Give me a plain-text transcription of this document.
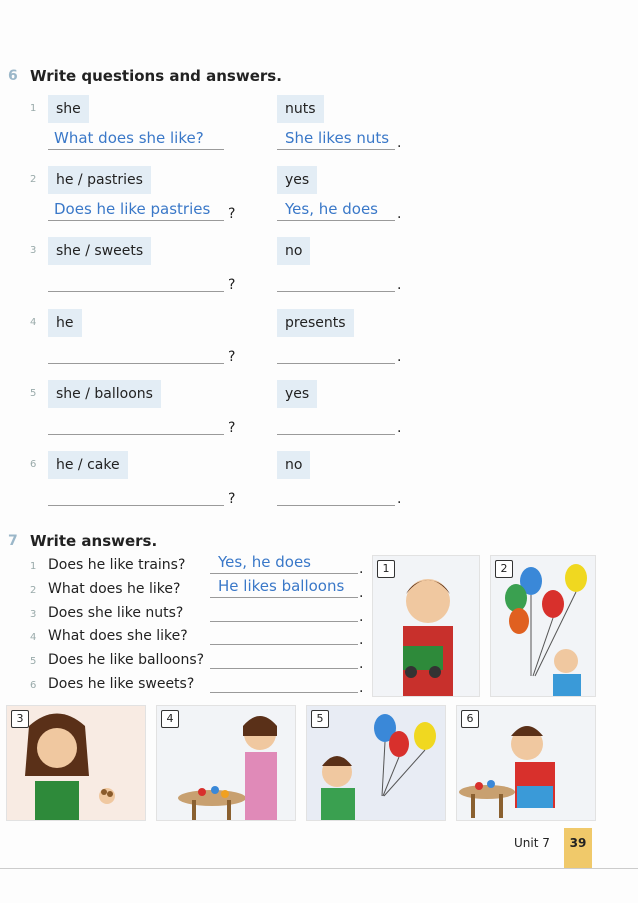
6 Write questions and answers.
1	she	nuts
What does she like?	She likes nuts .
2	he / pastries	yes
Does he like pastries ?	Yes, he does .
3	she / sweets	no
?	.
4	he	presents
?	.
5	she / balloons	yes
?	.
6	he / cake	no
?	.
7 Write answers.
1 Does he like trains? Yes, he does	.
2 What does he like?	He likes balloons .
3 Does she like nuts?	.
4 What does she like?	.
5 Does he like balloons?	.
6 Does he like sweets?	.
1	2
3	4	5	6
Unit 7	39
